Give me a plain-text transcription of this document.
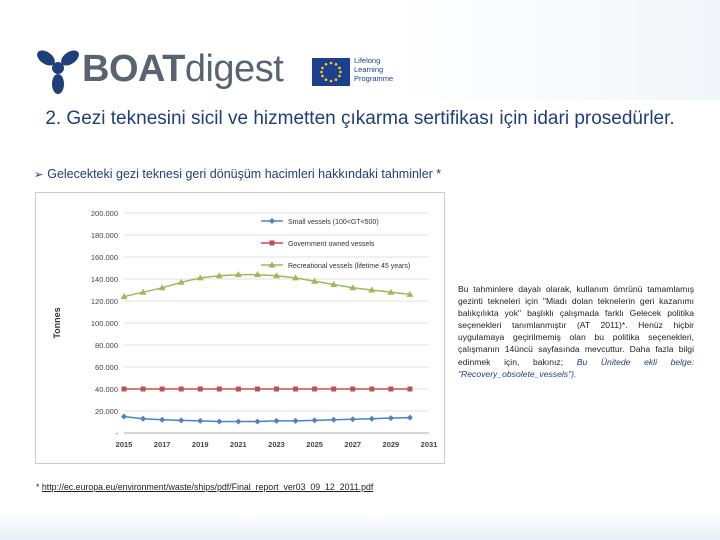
BOATdigest	Lifelong
Learning
Programme
2. Gezi teknesini sicil ve hizmetten çıkarma sertifikası için idari prosedürler.
➢ Gelecekteki gezi teknesi geri dönüşüm hacimleri hakkındaki tahminler *
-
20.000
40.000
60.000
80.000
100.000
120.000
140.000
160.000
180.000
200.000
2015	2017	2019	2021	2023	2025	2027	2029	2031
Tonnes
Small vessels (100<GT<500)
Government owned vessels
Recreational vessels (lifetime 45 years)
Bu tahminlere dayalı olarak, kullanım ömrünü tamamlamış gezinti tekneleri için "Miadı dolan teknelerin geri kazanımı balıkçılıkta yok" başlıklı çalışmada farklı Gelecek politika seçenekleri tanımlanmıştır (AT 2011)*. Henüz hiçbir uygulamaya geçirilmemiş olan bu politika seçenekleri, çalışmanın 14üncü sayfasında mevcuttur. Daha fazla bilgi edinmek için, bakınız; Bu Ünitede ekli belge: "Recovery_obsolete_vessels").
* http://ec.europa.eu/environment/waste/ships/pdf/Final_report_ver03_09_12_2011.pdf
